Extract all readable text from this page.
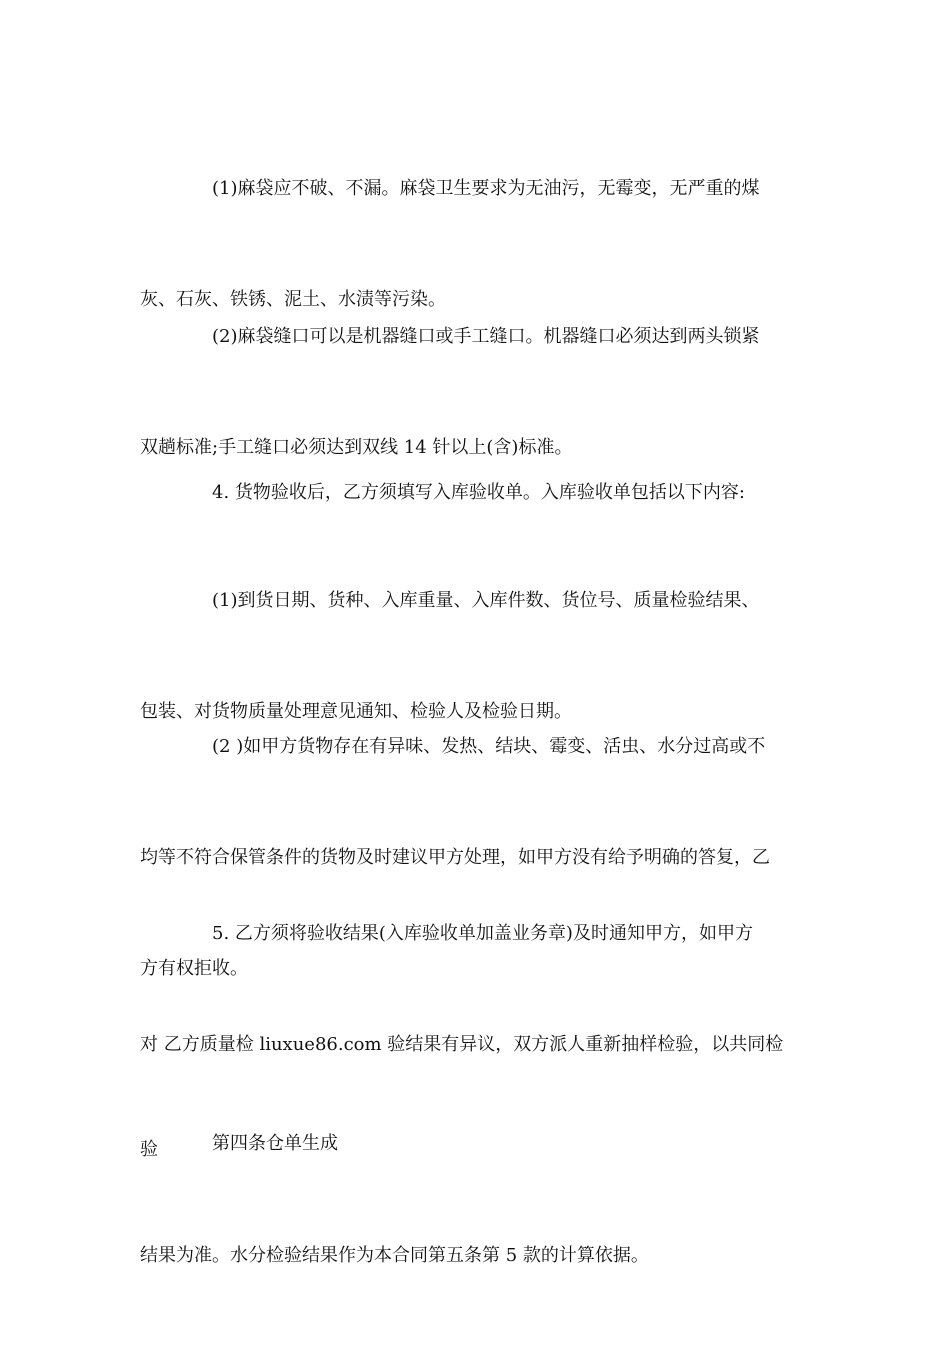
(1)麻袋应不破、不漏。麻袋卫生要求为无油污，无霉变，无严重的煤

灰、石灰、铁锈、泥土、水渍等污染。

(2)麻袋缝口可以是机器缝口或手工缝口。机器缝口必须达到两头锁紧

双趟标准;手工缝口必须达到双线 14 针以上(含)标准。

4. 货物验收后，乙方须填写入库验收单。入库验收单包括以下内容:

(1)到货日期、货种、入库重量、入库件数、货位号、质量检验结果、

包装、对货物质量处理意见通知、检验人及检验日期。

(2 )如甲方货物存在有异味、发热、结块、霉变、活虫、水分过高或不

均等不符合保管条件的货物及时建议甲方处理，如甲方没有给予明确的答复，乙

方有权拒收。

5. 乙方须将验收结果(入库验收单加盖业务章)及时通知甲方，如甲方

对 乙方质量检 liuxue86.com 验结果有异议，双方派人重新抽样检验，以共同检

验

结果为准。水分检验结果作为本合同第五条第 5 款的计算依据。

第四条仓单生成
